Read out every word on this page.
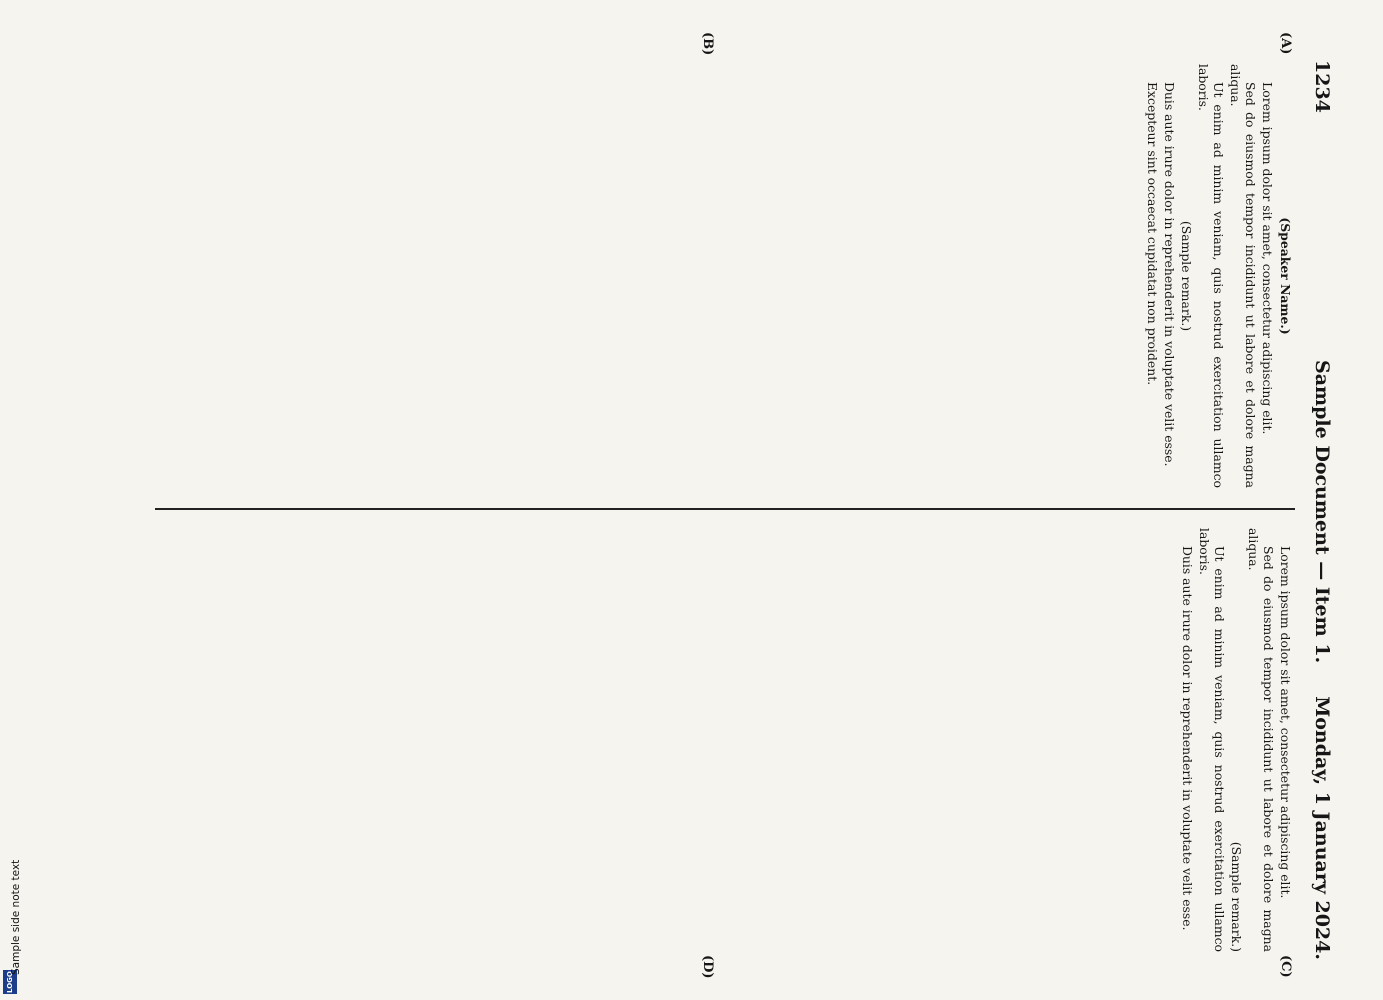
1234
Sample Document — Item 1.
Monday, 1 January 2024.
(A)
(B)
(C)
(D)

(Speaker Name.)

Lorem ipsum dolor sit amet, consectetur adipiscing elit.

Sed do eiusmod tempor incididunt ut labore et dolore magna aliqua.

Ut enim ad minim veniam, quis nostrud exercitation ullamco laboris.

(Sample remark.)

Duis aute irure dolor in reprehenderit in voluptate velit esse.

Excepteur sint occaecat cupidatat non proident.

Lorem ipsum dolor sit amet, consectetur adipiscing elit.

Sed do eiusmod tempor incididunt ut labore et dolore magna aliqua.

(Sample remark.)

Ut enim ad minim veniam, quis nostrud exercitation ullamco laboris.

Duis aute irure dolor in reprehenderit in voluptate velit esse.

LOGO
Sample side note text
